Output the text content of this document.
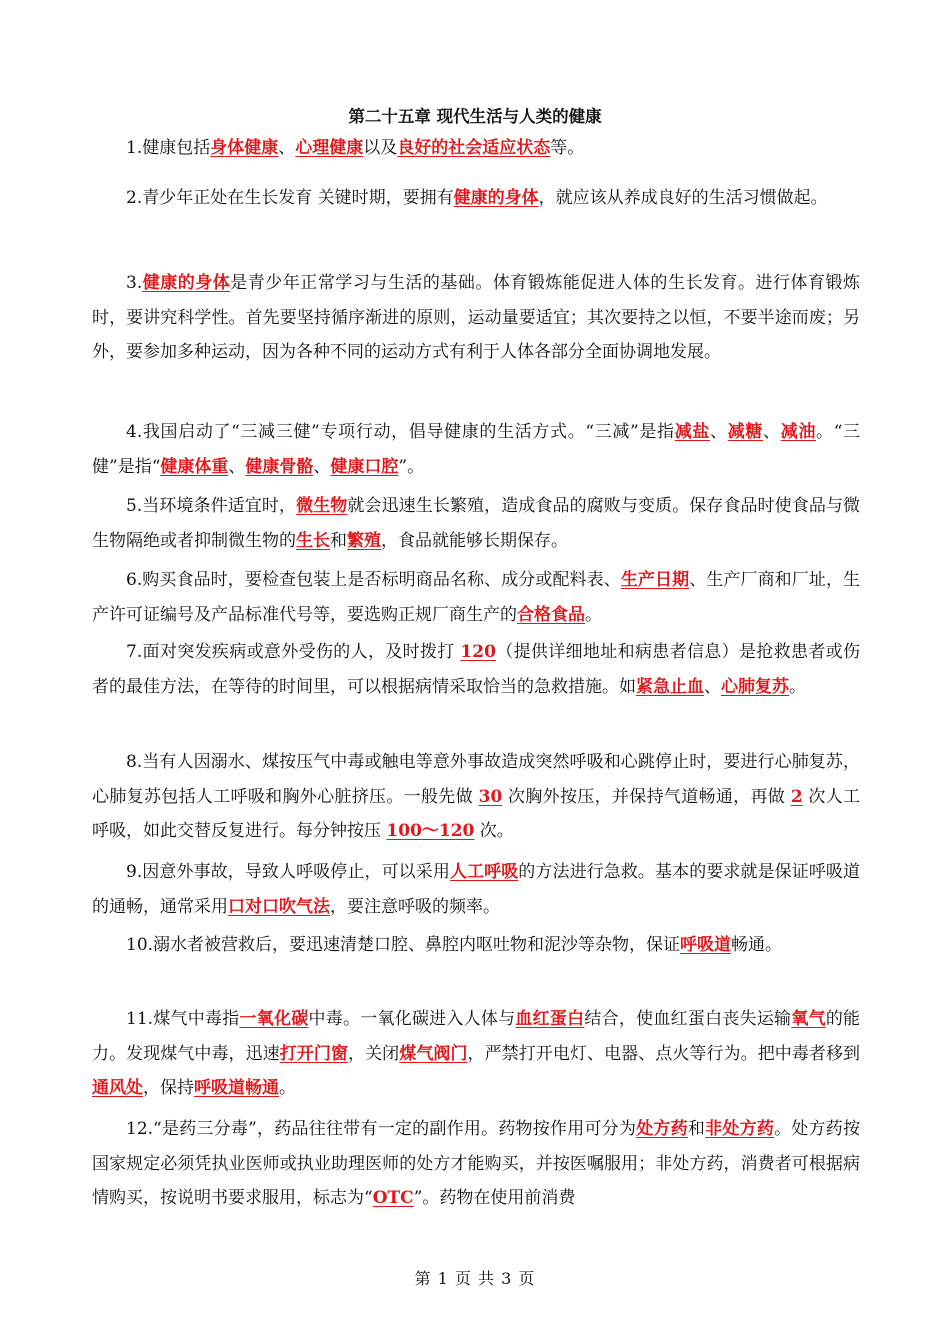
第二十五章 现代生活与人类的健康

1.健康包括身体健康、心理健康以及良好的社会适应状态等。

2.青少年正处在生长发育 关键时期，要拥有健康的身体，就应该从养成良好的生活习惯做起。

3.健康的身体是青少年正常学习与生活的基础。体育锻炼能促进人体的生长发育。进行体育锻炼时，要讲究科学性。首先要坚持循序渐进的原则，运动量要适宜；其次要持之以恒，不要半途而废；另外，要参加多种运动，因为各种不同的运动方式有利于人体各部分全面协调地发展。

4.我国启动了“三减三健”专项行动，倡导健康的生活方式。“三减”是指减盐、减糖、减油。“三健”是指“健康体重、健康骨骼、健康口腔”。

5.当环境条件适宜时，微生物就会迅速生长繁殖，造成食品的腐败与变质。保存食品时使食品与微生物隔绝或者抑制微生物的生长和繁殖，食品就能够长期保存。

6.购买食品时，要检查包装上是否标明商品名称、成分或配料表、生产日期、生产厂商和厂址，生产许可证编号及产品标准代号等，要选购正规厂商生产的合格食品。

7.面对突发疾病或意外受伤的人，及时拨打 120（提供详细地址和病患者信息）是抢救患者或伤者的最佳方法，在等待的时间里，可以根据病情采取恰当的急救措施。如紧急止血、心肺复苏。

8.当有人因溺水、煤按压气中毒或触电等意外事故造成突然呼吸和心跳停止时，要进行心肺复苏，心肺复苏包括人工呼吸和胸外心脏挤压。一般先做 30 次胸外按压，并保持气道畅通，再做 2 次人工呼吸，如此交替反复进行。每分钟按压 100～120 次。

9.因意外事故，导致人呼吸停止，可以采用人工呼吸的方法进行急救。基本的要求就是保证呼吸道的通畅，通常采用口对口吹气法，要注意呼吸的频率。

10.溺水者被营救后，要迅速清楚口腔、鼻腔内呕吐物和泥沙等杂物，保证呼吸道畅通。

11.煤气中毒指一氧化碳中毒。一氧化碳进入人体与血红蛋白结合，使血红蛋白丧失运输氧气的能力。发现煤气中毒，迅速打开门窗，关闭煤气阀门，严禁打开电灯、电器、点火等行为。把中毒者移到通风处，保持呼吸道畅通。

12.“是药三分毒”，药品往往带有一定的副作用。药物按作用可分为处方药和非处方药。处方药按国家规定必须凭执业医师或执业助理医师的处方才能购买，并按医嘱服用；非处方药，消费者可根据病情购买，按说明书要求服用，标志为“OTC”。药物在使用前消费

第 1 页 共 3 页
